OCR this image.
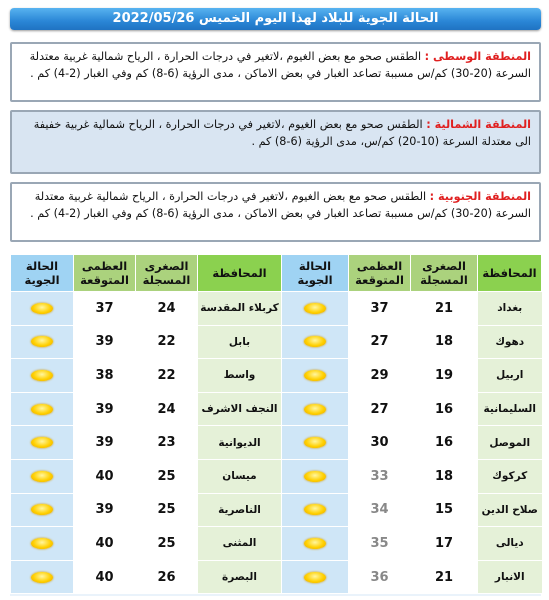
الحالة الجوية للبلاد لهذا اليوم الخميس 2022/05/26
المنطقة الوسطى : الطقس صحو مع بعض الغيوم ،لاتغير في درجات الحرارة ، الرياح شمالية غربية معتدلة السرعة (20-30) كم/س مسببة تصاعد الغبار في بعض الاماكن ، مدى الرؤية (6-8) كم وفي الغبار (2-4) كم .
المنطقة الشمالية : الطقس صحو مع بعض الغيوم ،لاتغير في درجات الحرارة ، الرياح شمالية غربية خفيفة الى معتدلة السرعة (10-20) كم/س، مدى الرؤية (6-8) كم .
المنطقة الجنوبية : الطقس صحو مع بعض الغيوم ،لاتغير في درجات الحرارة ، الرياح شمالية غربية معتدلة السرعة (20-30) كم/س مسببة تصاعد الغبار في بعض الاماكن ، مدى الرؤية (6-8) كم وفي الغبار (2-4) كم .
المحافظة	الصغرى المسجلة	العظمى المتوقعة	الحالة الجوية	المحافظة	الصغرى المسجلة	العظمى المتوقعة	الحالة الجوية
بغداد	21	37		كربلاء المقدسة	24	37	
دهوك	18	27		بابل	22	39	
اربيل	19	29		واسط	22	38	
السليمانية	16	27		النجف الاشرف	24	39	
الموصل	16	30		الديوانية	23	39	
كركوك	18	33		ميسان	25	40	
صلاح الدين	15	34		الناصرية	25	39	
ديالى	17	35		المثنى	25	40	
الانبار	21	36		البصرة	26	40	
